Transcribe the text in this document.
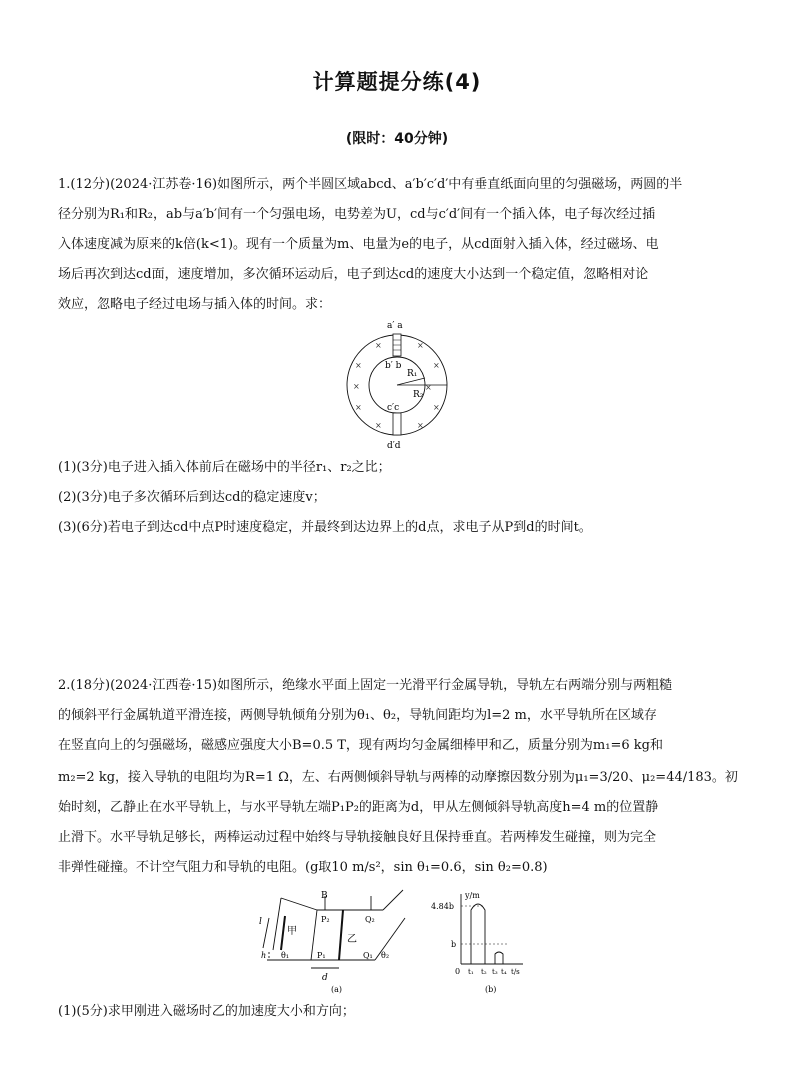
计算题提分练(4)
(限时：40分钟)
1.(12分)(2024·江苏卷·16)如图所示，两个半圆区域abcd、a′b′c′d′中有垂直纸面向里的匀强磁场，两圆的半
径分别为R₁和R₂，ab与a′b′间有一个匀强电场，电势差为U，cd与c′d′间有一个插入体，电子每次经过插
入体速度减为原来的k倍(k<1)。现有一个质量为m、电量为e的电子，从cd面射入插入体，经过磁场、电
场后再次到达cd面，速度增加，多次循环运动后，电子到达cd的速度大小达到一个稳定值，忽略相对论
效应，忽略电子经过电场与插入体的时间。求：
a′ a
b′ b
R₁
R₂
c′c
d′d
×	×
×	×
×	×
×	×
×	×
(1)(3分)电子进入插入体前后在磁场中的半径r₁、r₂之比；
(2)(3分)电子多次循环后到达cd的稳定速度v；
(3)(6分)若电子到达cd中点P时速度稳定，并最终到达边界上的d点，求电子从P到d的时间t。
2.(18分)(2024·江西卷·15)如图所示，绝缘水平面上固定一光滑平行金属导轨，导轨左右两端分别与两粗糙
的倾斜平行金属轨道平滑连接，两侧导轨倾角分别为θ₁、θ₂，导轨间距均为l=2 m，水平导轨所在区域存
在竖直向上的匀强磁场，磁感应强度大小B=0.5 T，现有两均匀金属细棒甲和乙，质量分别为m₁=6 kg和
m₂=2 kg，接入导轨的电阻均为R=1 Ω，左、右两侧倾斜导轨与两棒的动摩擦因数分别为μ₁=3/20、μ₂=44/183。初
始时刻，乙静止在水平导轨上，与水平导轨左端P₁P₂的距离为d，甲从左侧倾斜导轨高度h=4 m的位置静
止滑下。水平导轨足够长，两棒运动过程中始终与导轨接触良好且保持垂直。若两棒发生碰撞，则为完全
非弹性碰撞。不计空气阻力和导轨的电阻。(g取10 m/s²，sin θ₁=0.6，sin θ₂=0.8)
B
l
h θ₁	θ₂
P₁
P₂
Q₁
Q₂
甲
乙
d
(a)
y/m
4.84b
b
0 t₁ t₂ t₃ t₄ t/s
(b)
(1)(5分)求甲刚进入磁场时乙的加速度大小和方向；
